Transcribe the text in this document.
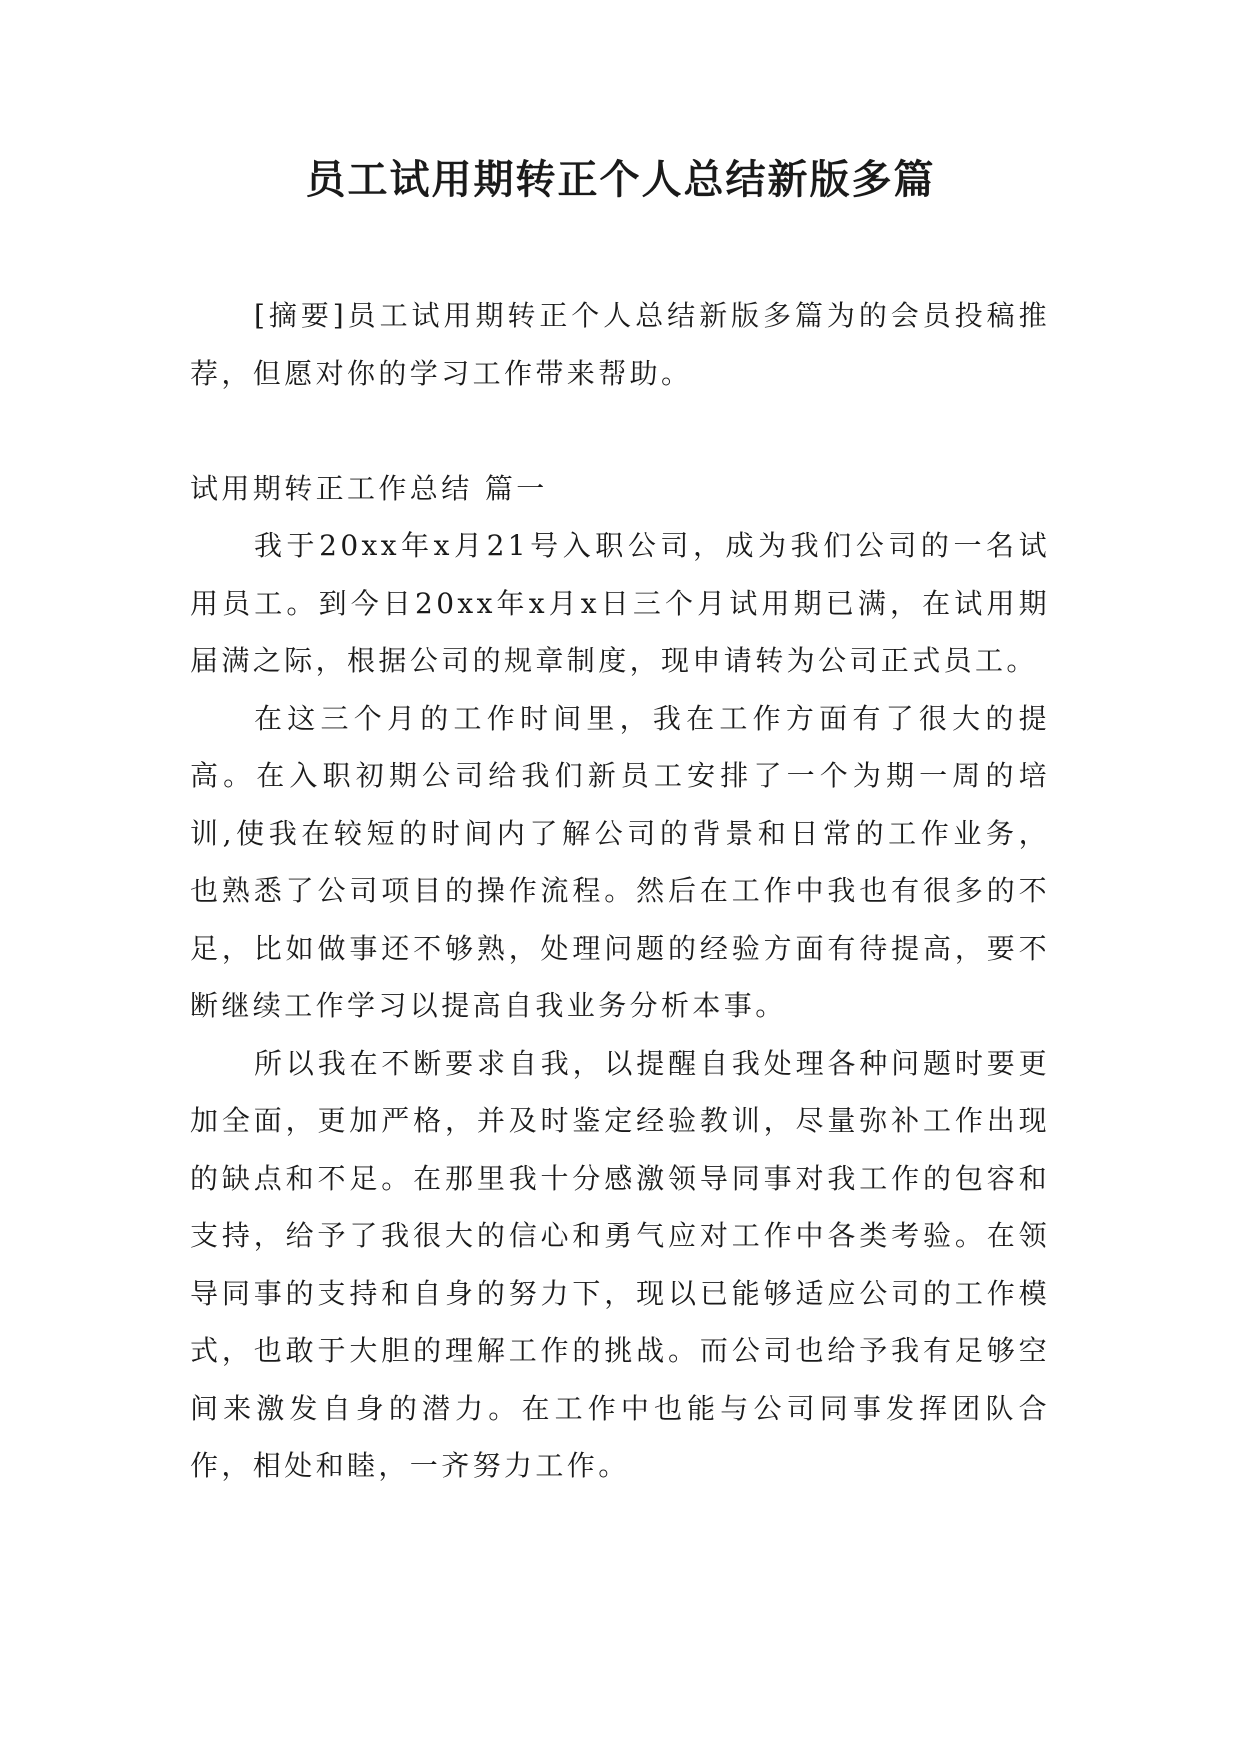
员工试用期转正个人总结新版多篇

[摘要]员工试用期转正个人总结新版多篇为的会员投稿推荐，但愿对你的学习工作带来帮助。

试用期转正工作总结 篇一

我于20xx年x月21号入职公司，成为我们公司的一名试用员工。到今日20xx年x月x日三个月试用期已满，在试用期届满之际，根据公司的规章制度，现申请转为公司正式员工。

在这三个月的工作时间里，我在工作方面有了很大的提高。在入职初期公司给我们新员工安排了一个为期一周的培训,使我在较短的时间内了解公司的背景和日常的工作业务，也熟悉了公司项目的操作流程。然后在工作中我也有很多的不足，比如做事还不够熟，处理问题的经验方面有待提高，要不断继续工作学习以提高自我业务分析本事。

所以我在不断要求自我，以提醒自我处理各种问题时要更加全面，更加严格，并及时鉴定经验教训，尽量弥补工作出现的缺点和不足。在那里我十分感激领导同事对我工作的包容和支持，给予了我很大的信心和勇气应对工作中各类考验。在领导同事的支持和自身的努力下，现以已能够适应公司的工作模式，也敢于大胆的理解工作的挑战。而公司也给予我有足够空间来激发自身的潜力。在工作中也能与公司同事发挥团队合作，相处和睦，一齐努力工作。
